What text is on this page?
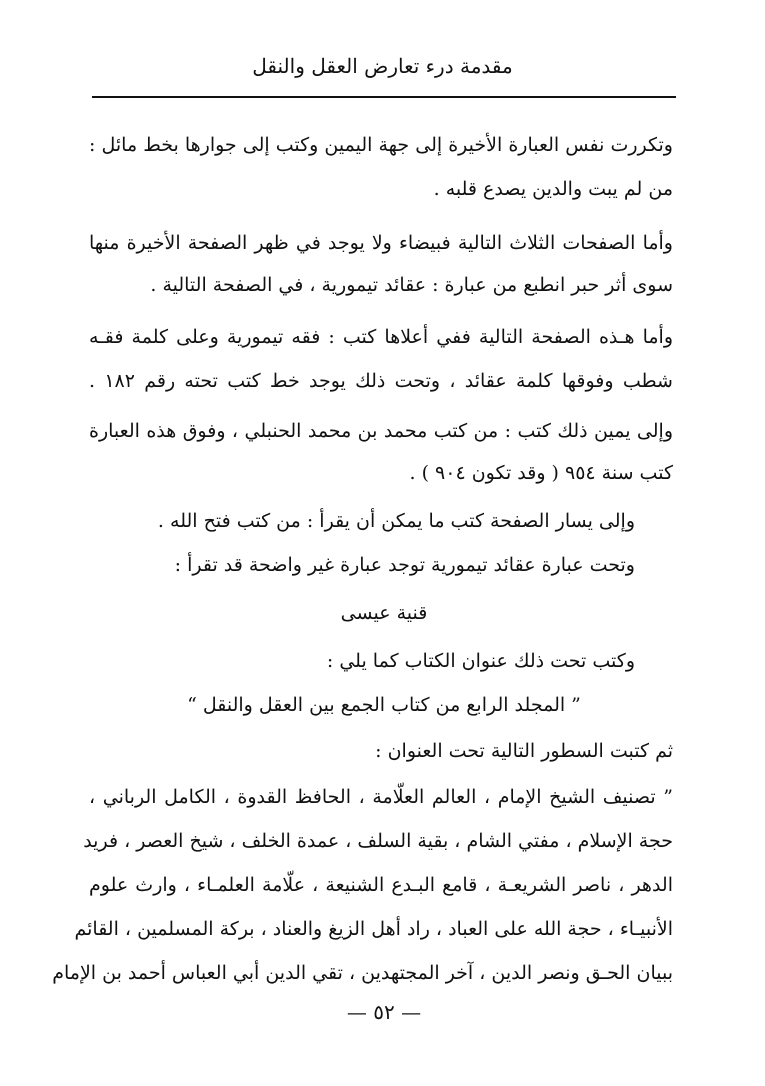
مقدمة درء تعارض العقل والنقل
وتكررت نفس العبارة الأخيرة إلى جهة اليمين وكتب إلى جوارها بخط مائل :
من لم يبت والدين يصدع قلبه .
وأما الصفحات الثلاث التالية فبيضاء ولا يوجد في ظهر الصفحة الأخيرة منها
سوى أثر حبر انطبع من عبارة : عقائد تيمورية ، في الصفحة التالية .
وأما هـذه الصفحة التالية ففي أعلاها كتب : فقه تيمورية وعلى كلمة فقـه
شطب وفوقها كلمة عقائد ، وتحت ذلك يوجد خط كتب تحته رقم ١٨٢ .
وإلى يمين ذلك كتب : من كتب محمد بن محمد الحنبلي ، وفوق هذه العبارة
كتب سنة ٩٥٤ ( وقد تكون ٩٠٤ ) .
وإلى يسار الصفحة كتب ما يمكن أن يقرأ : من كتب فتح الله .
وتحت عبارة عقائد تيمورية توجد عبارة غير واضحة قد تقرأ :
قنية عيسى
وكتب تحت ذلك عنوان الكتاب كما يلي :
” المجلد الرابع من كتاب الجمع بين العقل والنقل “
ثم كتبت السطور التالية تحت العنوان :
” تصنيف الشيخ الإمام ، العالم العلّامة ، الحافظ القدوة ، الكامل الرباني ،
حجة الإسلام ، مفتي الشام ، بقية السلف ، عمدة الخلف ، شيخ العصر ، فريد
الدهر ، ناصر الشريعـة ، قامع البـدع الشنيعة ، علّامة العلمـاء ، وارث علوم
الأنبيـاء ، حجة الله على العباد ، راد أهل الزيغ والعناد ، بركة المسلمين ، القائم
ببيان الحـق ونصر الدين ، آخر المجتهدين ، تقي الدين أبي العباس أحمد بن الإمام
— ٥٢ —
